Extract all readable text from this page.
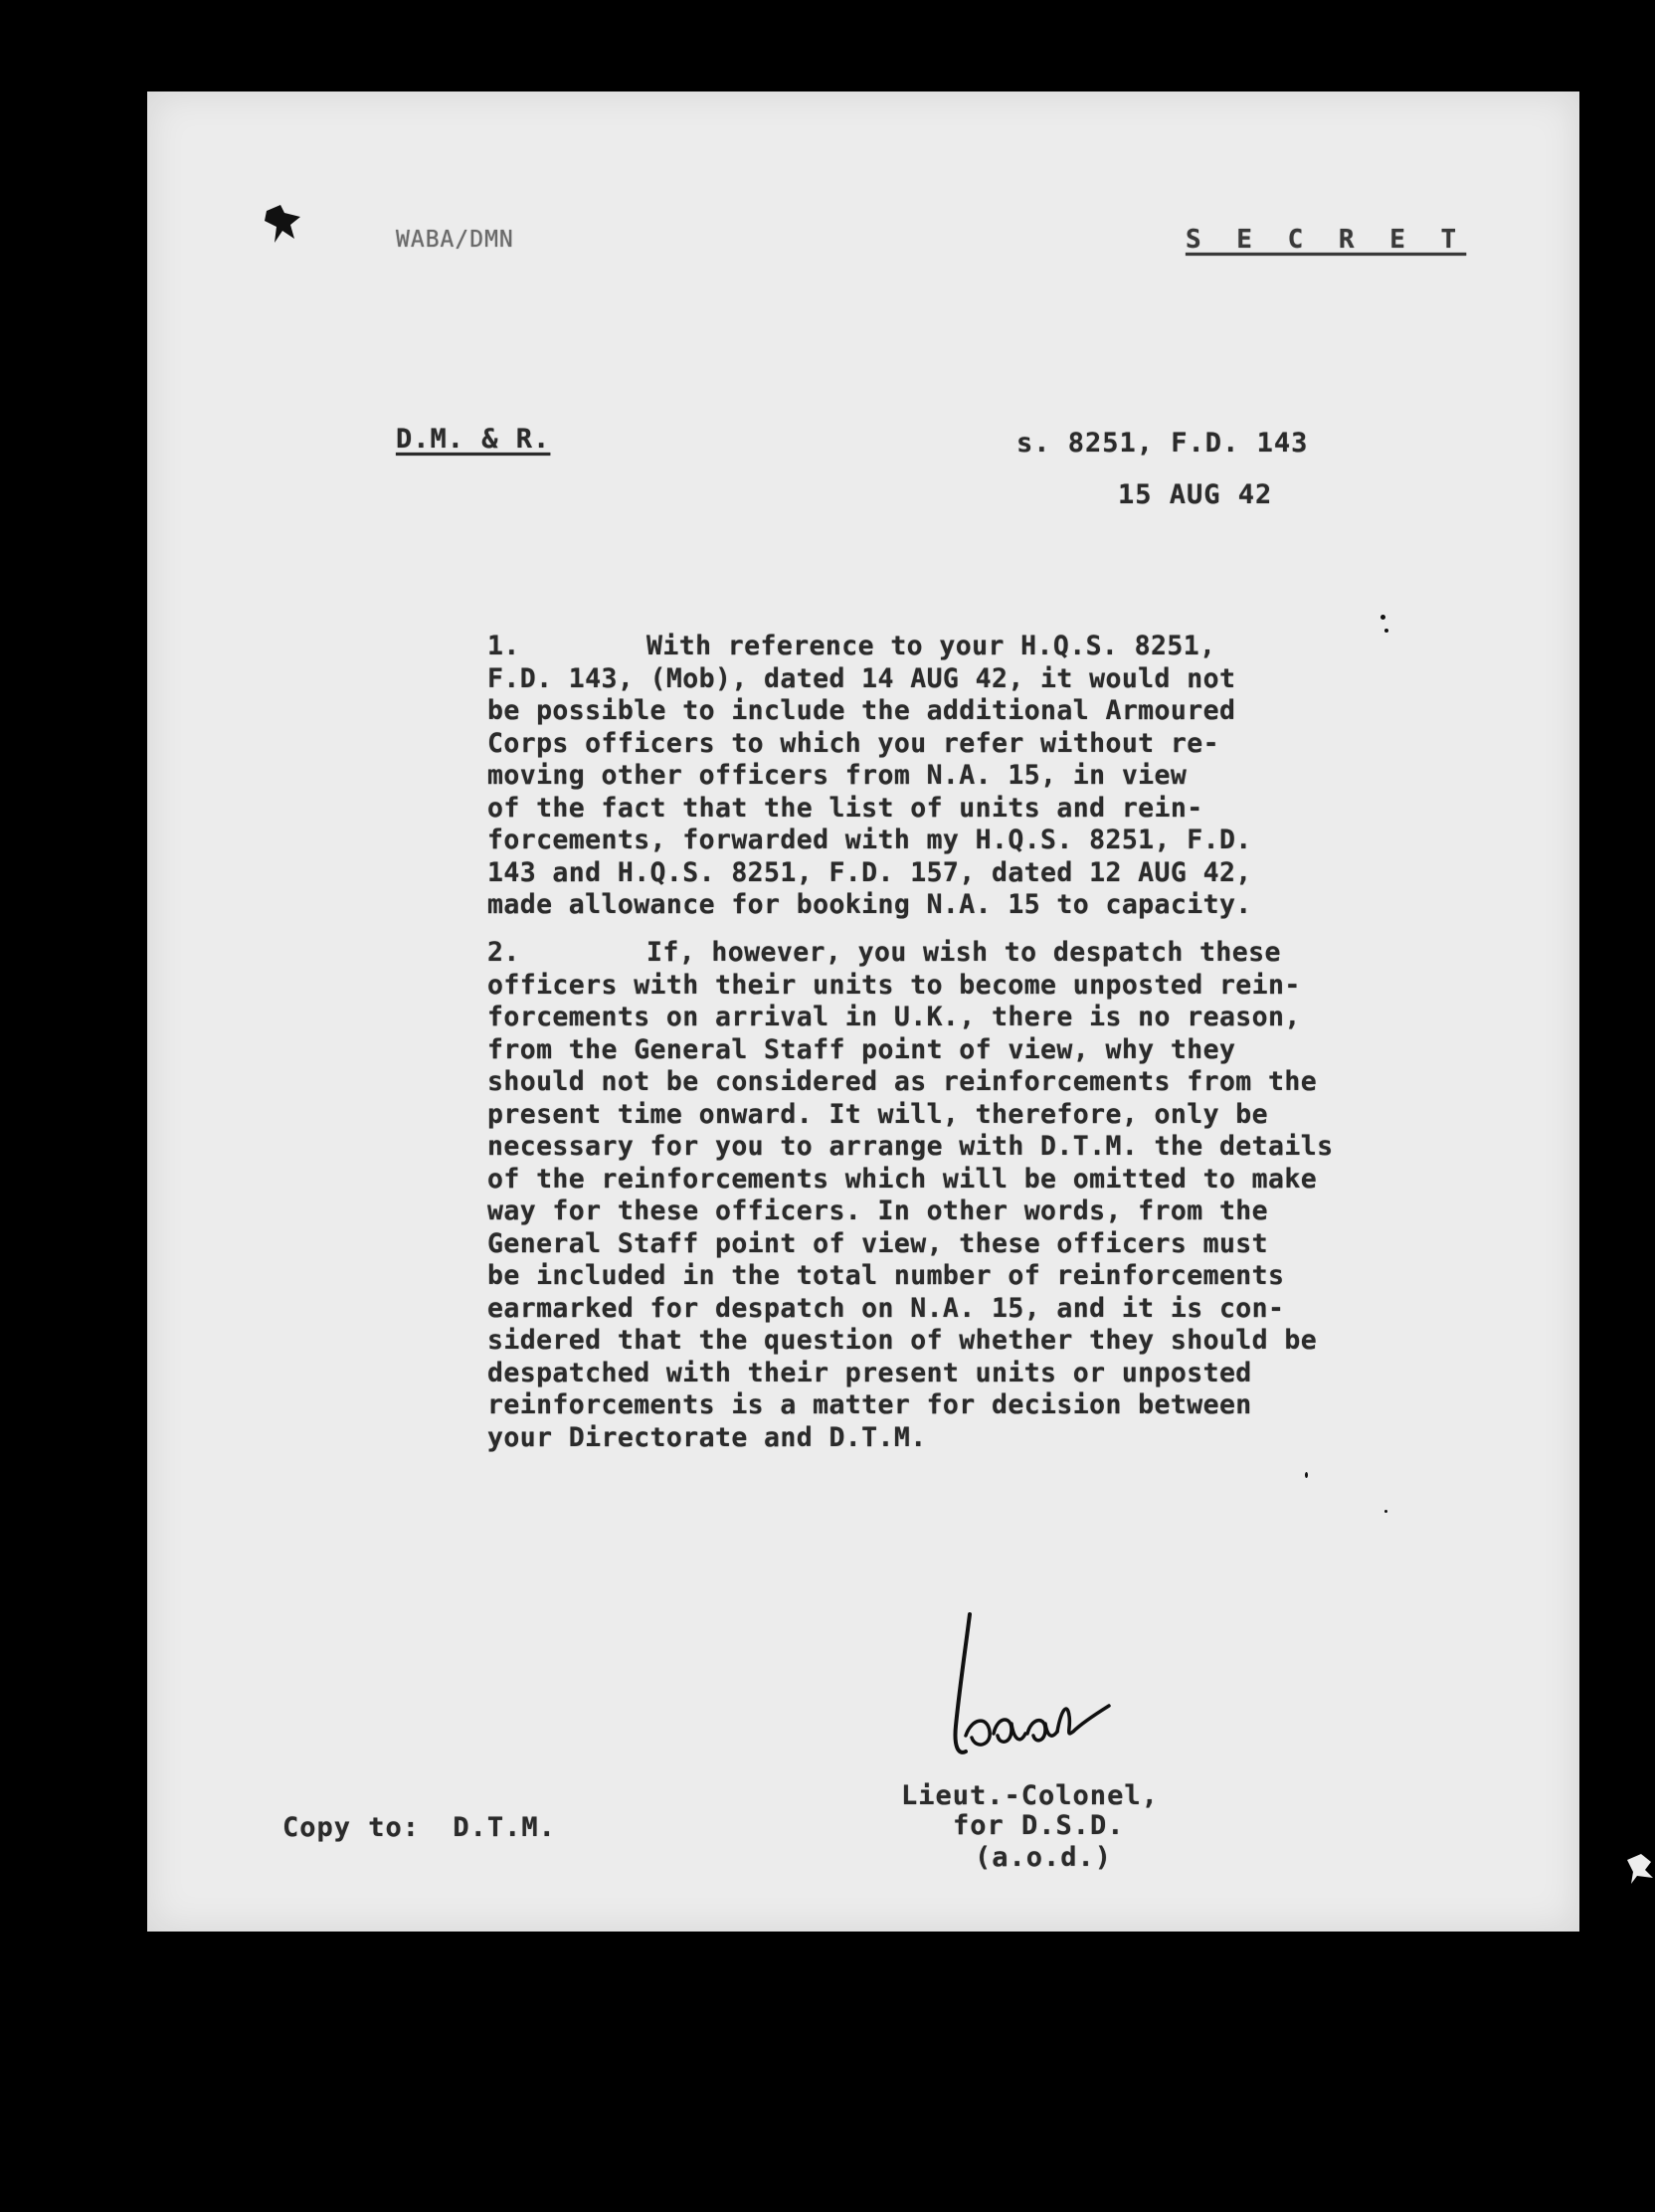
WABA/DMN	S E C R E T
D.M. & R.	s. 8251, F.D. 143
15 AUG 42
1.	With reference to your H.Q.S. 8251,
F.D. 143, (Mob), dated 14 AUG 42, it would not
be possible to include the additional Armoured
Corps officers to which you refer without re-
moving other officers from N.A. 15, in view
of the fact that the list of units and rein-
forcements, forwarded with my H.Q.S. 8251, F.D.
143 and H.Q.S. 8251, F.D. 157, dated 12 AUG 42,
made allowance for booking N.A. 15 to capacity.
2.	If, however, you wish to despatch these
officers with their units to become unposted rein-
forcements on arrival in U.K., there is no reason,
from the General Staff point of view, why they
should not be considered as reinforcements from the
present time onward. It will, therefore, only be
necessary for you to arrange with D.T.M. the details
of the reinforcements which will be omitted to make
way for these officers. In other words, from the
General Staff point of view, these officers must
be included in the total number of reinforcements
earmarked for despatch on N.A. 15, and it is con-
sidered that the question of whether they should be
despatched with their present units or unposted
reinforcements is a matter for decision between
your Directorate and D.T.M.
Lieut.-Colonel,
for D.S.D.
(a.o.d.)
Copy to: D.T.M.
